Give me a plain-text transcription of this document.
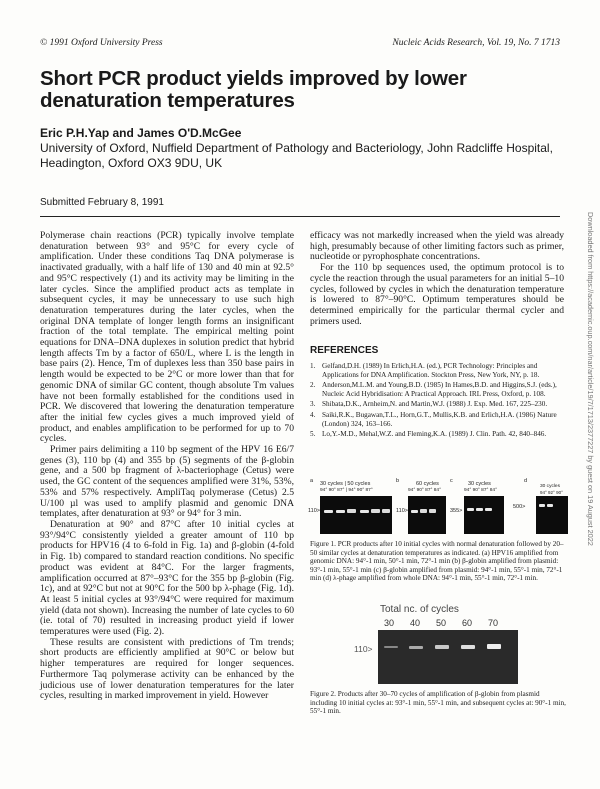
© 1991 Oxford University Press	Nucleic Acids Research, Vol. 19, No. 7 1713
Short PCR product yields improved by lower denaturation temperatures
Eric P.H.Yap and James O'D.McGee
University of Oxford, Nuffield Department of Pathology and Bacteriology, John Radcliffe Hospital, Headington, Oxford OX3 9DU, UK
Submitted February 8, 1991

Polymerase chain reactions (PCR) typically involve template denaturation between 93° and 95°C for every cycle of amplification. Under these conditions Taq DNA polymerase is inactivated gradually, with a half life of 130 and 40 min at 92.5° and 95°C respectively (1) and its activity may be limiting in the later cycles. Since the amplified product acts as template in subsequent cycles, it may be unnecessary to use such high denaturation temperatures during the later cycles, when the original DNA template of longer length forms an insignificant fraction of the total template. The empirical melting point equations for DNA–DNA duplexes in solution predict that hybrid length affects Tm by a factor of 650/L, where L is the length in base pairs (2). Hence, Tm of duplexes less than 350 base pairs in length would be expected to be 2°C or more lower than that for genomic DNA of similar GC content, though absolute Tm values have not been formally established for the conditions used in PCR. We discovered that lowering the denaturation temperature after the initial few cycles gives a much improved yield of product, and enables amplification to be performed for up to 70 cycles.

Primer pairs delimiting a 110 bp segment of the HPV 16 E6/7 genes (3), 110 bp (4) and 355 bp (5) segments of the β-globin gene, and a 500 bp fragment of λ-bacteriophage (Cetus) were used, the GC content of the sequences amplified were 31%, 53%, 53% and 57% respectively. AmpliTaq polymerase (Cetus) 2.5 U/100 µl was used to amplify plasmid and genomic DNA templates, after denaturation at 93° or 94° for 3 min.

Denaturation at 90° and 87°C after 10 initial cycles at 93°/94°C consistently yielded a greater amount of 110 bp products for HPV16 (4 to 6-fold in Fig. 1a) and β-globin (4-fold in Fig. 1b) compared to standard reaction conditions. No specific product was evident at 84°C. For the larger fragments, amplification occurred at 87°–93°C for the 355 bp β-globin (Fig. 1c), and at 92°C but not at 90°C for the 500 bp λ-phage (Fig. 1d). At least 5 initial cycles at 93°/94°C were required for maximum yield (data not shown). Increasing the number of late cycles to 60 (ie. total of 70) resulted in increasing product yield if lower temperatures were used (Fig. 2).

These results are consistent with predictions of Tm trends; short products are efficiently amplified at 90°C or below but higher temperatures are required for longer sequences. Furthermore Taq polymerase activity can be enhanced by the judicious use of lower denaturation temperatures for the later cycles, resulting in marked improvement in yield. However

efficacy was not markedly increased when the yield was already high, presumably because of other limiting factors such as primer, nucleotide or pyrophosphate concentrations.

For the 110 bp sequences used, the optimum protocol is to cycle the reaction through the usual parameters for an initial 5–10 cycles, followed by cycles in which the denaturation temperature is lowered to 87°–90°C. Optimum temperatures should be determined empirically for the particular thermal cycler and primers used.

REFERENCES
1. Gelfand,D.H. (1989) In Erlich,H.A. (ed.), PCR Technology: Principles and Applications for DNA Amplification. Stockton Press, New York, NY, p. 18.
2. Anderson,M.L.M. and Young,B.D. (1985) In Hames,B.D. and Higgins,S.J. (eds.), Nucleic Acid Hybridisation: A Practical Approach. IRL Press, Oxford, p. 108.
3. Shibata,D.K., Arnheim,N. and Martin,W.J. (1988) J. Exp. Med. 167, 225–230.
4. Saiki,R.K., Bugawan,T.L., Horn,G.T., Mullis,K.B. and Erlich,H.A. (1986) Nature (London) 324, 163–166.
5. Lo,Y.-M.D., Mehal,W.Z. and Fleming,K.A. (1989) J. Clin. Path. 42, 840–846.
a 30 cycles | 50 cycles
94° 90° 87° | 94° 90° 87°
110>
b	60 cycles
94° 90° 87° 84°
110>
c	30 cycles
94° 90° 87° 84°
355>
d
30 cycles
94° 92° 90°
500>
Figure 1. PCR products after 10 initial cycles with normal denaturation followed by 20–50 similar cycles at denaturation temperatures as indicated. (a) HPV16 amplified from genomic DNA: 94°-1 min, 50°-1 min, 72°-1 min (b) β-globin amplified from plasmid: 93°-1 min, 55°-1 min (c) β-globin amplified from plasmid: 94°-1 min, 55°-1 min, 72°-1 min (d) λ-phage amplified from whole DNA: 94°-1 min, 55°-1 min, 72°-1 min.
Total nc. of cycles
30 40 50 60 70
110>
Figure 2. Products after 30–70 cycles of amplification of β-globin from plasmid including 10 initial cycles at: 93°-1 min, 55°-1 min, and subsequent cycles at: 90°-1 min, 55°-1 min.
Downloaded from https://academic.oup.com/nar/article/19/7/1713/2377227 by guest on 19 August 2022
